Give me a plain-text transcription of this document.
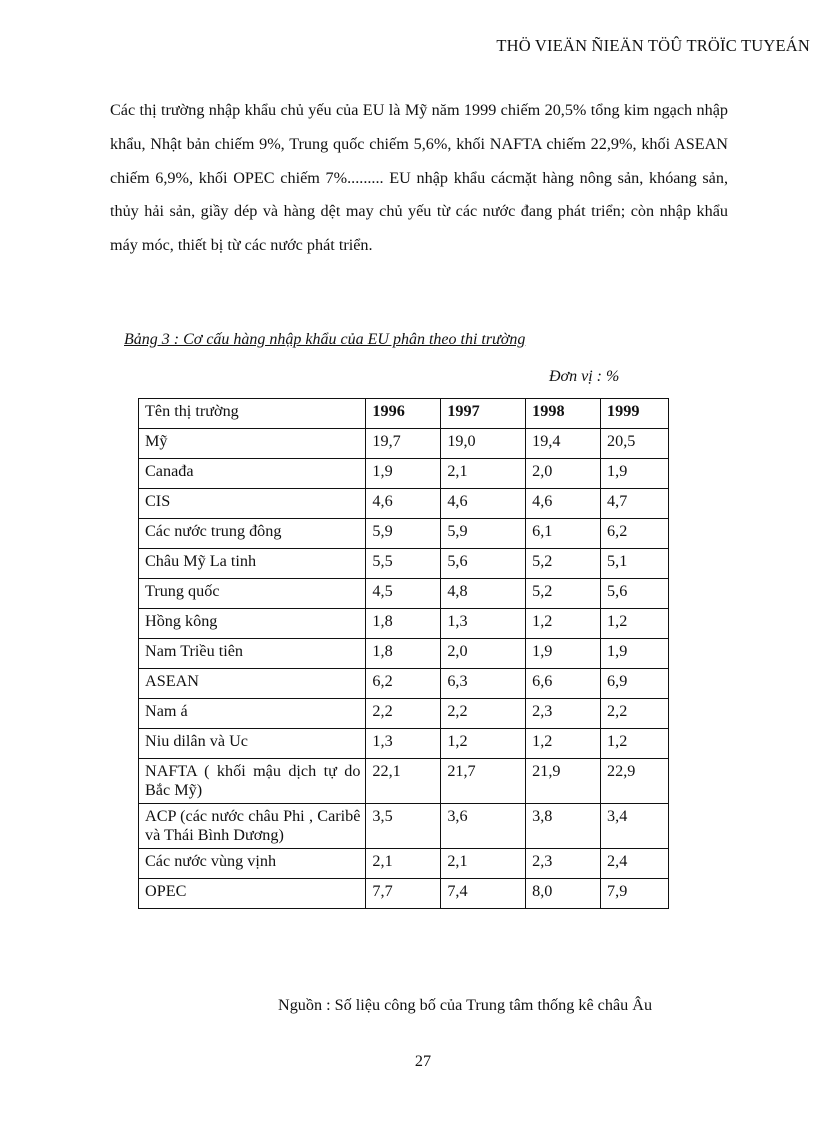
THÖ VIEÄN ÑIEÄN TÖÛ TRÖÏC TUYEÁN

Các thị trường nhập khẩu chủ yếu của EU là Mỹ năm 1999 chiếm 20,5% tổng kim ngạch nhập khẩu, Nhật bản chiếm 9%, Trung quốc chiếm 5,6%, khối NAFTA chiếm 22,9%, khối ASEAN chiếm 6,9%, khối OPEC chiếm 7%......... EU nhập khẩu cácmặt hàng nông sản, khóang sản, thủy hải sản, giầy dép và hàng dệt may chủ yếu từ các nước đang phát triển; còn nhập khẩu máy móc, thiết bị từ các nước phát triển.

Bảng 3 : Cơ cấu hàng nhập khẩu của EU phân theo thi trường
Đơn vị : %
Tên thị trường	1996	1997	1998	1999
Mỹ	19,7	19,0	19,4	20,5
Canađa	1,9	2,1	2,0	1,9
CIS	4,6	4,6	4,6	4,7
Các nước trung đông	5,9	5,9	6,1	6,2
Châu Mỹ La tinh	5,5	5,6	5,2	5,1
Trung quốc	4,5	4,8	5,2	5,6
Hồng kông	1,8	1,3	1,2	1,2
Nam Triều tiên	1,8	2,0	1,9	1,9
ASEAN	6,2	6,3	6,6	6,9
Nam á	2,2	2,2	2,3	2,2
Niu dilân và Uc	1,3	1,2	1,2	1,2
NAFTA ( khối mậu dịch tự do Bắc Mỹ)	22,1	21,7	21,9	22,9
ACP (các nước châu Phi , Caribê và Thái Bình Dương)	3,5	3,6	3,8	3,4
Các nước vùng vịnh	2,1	2,1	2,3	2,4
OPEC	7,7	7,4	8,0	7,9
Nguồn : Số liệu công bố của Trung tâm thống kê châu Âu
27
